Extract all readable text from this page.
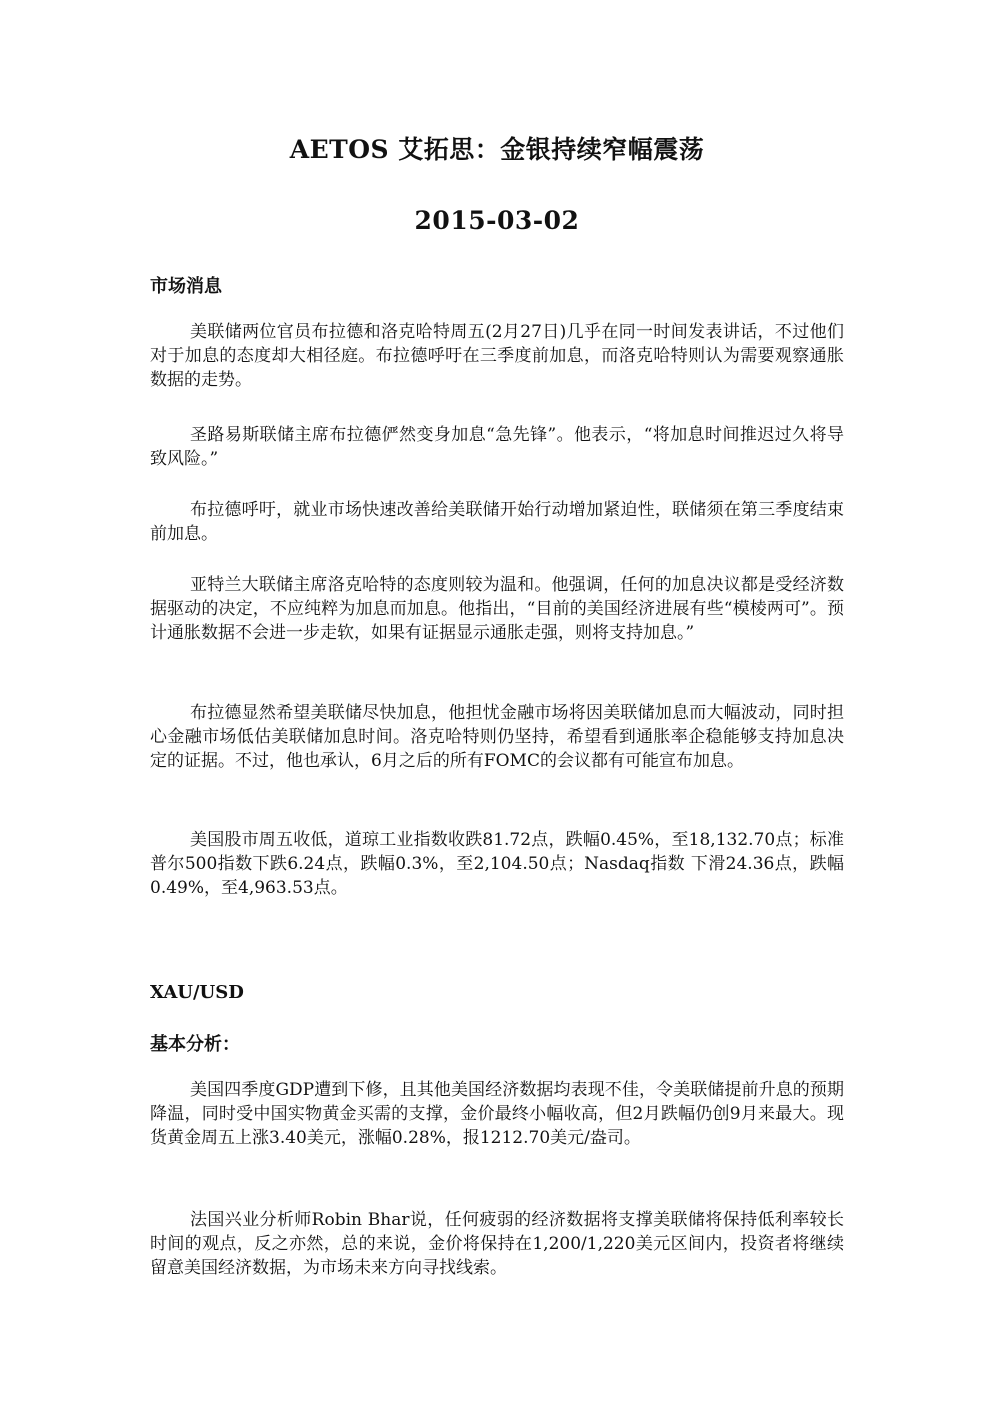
AETOS 艾拓思：金银持续窄幅震荡
2015-03-02
市场消息

美联储两位官员布拉德和洛克哈特周五(2月27日)几乎在同一时间发表讲话，不过他们对于加息的态度却大相径庭。布拉德呼吁在三季度前加息，而洛克哈特则认为需要观察通胀数据的走势。

圣路易斯联储主席布拉德俨然变身加息“急先锋”。他表示，“将加息时间推迟过久将导致风险。”

布拉德呼吁，就业市场快速改善给美联储开始行动增加紧迫性，联储须在第三季度结束前加息。

亚特兰大联储主席洛克哈特的态度则较为温和。他强调，任何的加息决议都是受经济数据驱动的决定，不应纯粹为加息而加息。他指出，“目前的美国经济进展有些“模棱两可”。预计通胀数据不会进一步走软，如果有证据显示通胀走强，则将支持加息。”

布拉德显然希望美联储尽快加息，他担忧金融市场将因美联储加息而大幅波动，同时担心金融市场低估美联储加息时间。洛克哈特则仍坚持，希望看到通胀率企稳能够支持加息决定的证据。不过，他也承认，6月之后的所有FOMC的会议都有可能宣布加息。

美国股市周五收低，道琼工业指数收跌81.72点，跌幅0.45%，至18,132.70点；标准普尔500指数下跌6.24点，跌幅0.3%，至2,104.50点；Nasdaq指数 下滑24.36点，跌幅0.49%，至4,963.53点。

XAU/USD
基本分析：

美国四季度GDP遭到下修，且其他美国经济数据均表现不佳，令美联储提前升息的预期降温，同时受中国实物黄金买需的支撑，金价最终小幅收高，但2月跌幅仍创9月来最大。现货黄金周五上涨3.40美元，涨幅0.28%，报1212.70美元/盎司。

法国兴业分析师Robin Bhar说，任何疲弱的经济数据将支撑美联储将保持低利率较长时间的观点，反之亦然，总的来说，金价将保持在1,200/1,220美元区间内，投资者将继续留意美国经济数据，为市场未来方向寻找线索。
